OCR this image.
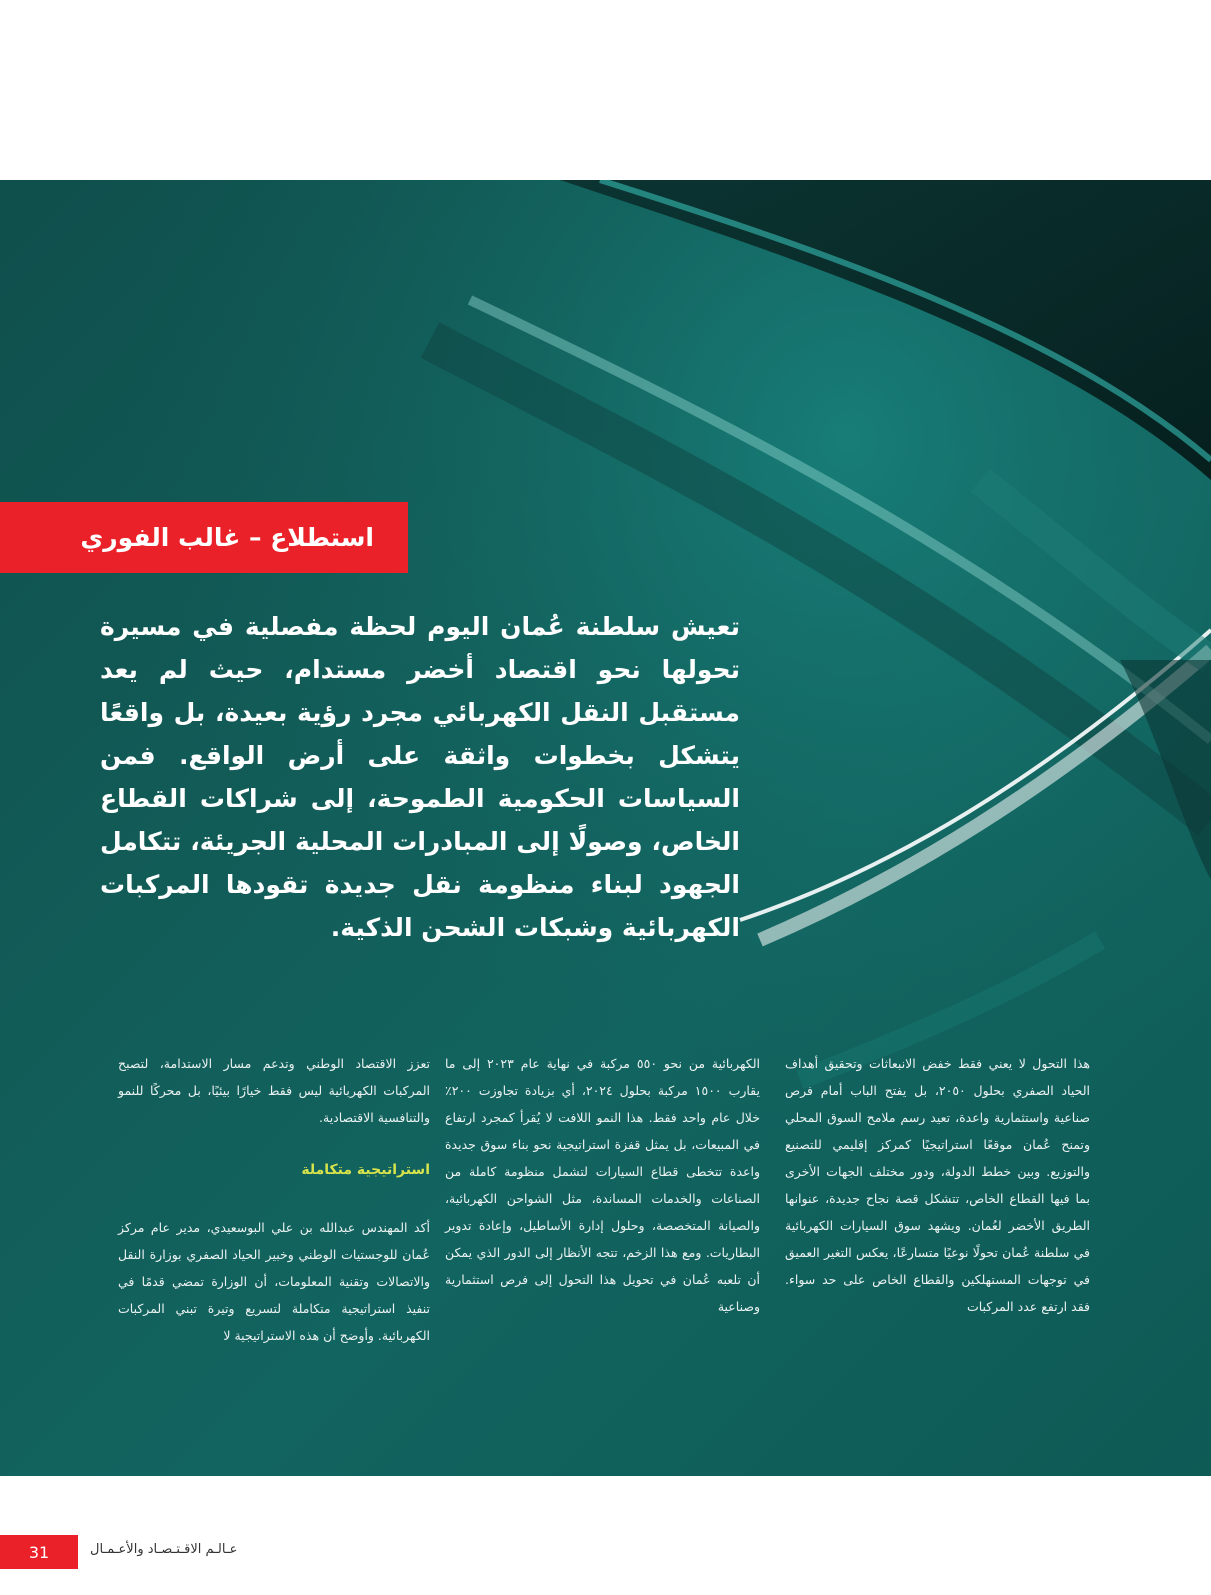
استطلاع – غالب الفوري

تعيش سلطنة عُمان اليوم لحظة مفصلية في مسيرة تحولها نحو اقتصاد أخضر مستدام، حيث لم يعد مستقبل النقل الكهربائي مجرد رؤية بعيدة، بل واقعًا يتشكل بخطوات واثقة على أرض الواقع. فمن السياسات الحكومية الطموحة، إلى شراكات القطاع الخاص، وصولًا إلى المبادرات المحلية الجريئة، تتكامل الجهود لبناء منظومة نقل جديدة تقودها المركبات الكهربائية وشبكات الشحن الذكية.

هذا التحول لا يعني فقط خفض الانبعاثات وتحقيق أهداف الحياد الصفري بحلول ٢٠٥٠، بل يفتح الباب أمام فرص صناعية واستثمارية واعدة، تعيد رسم ملامح السوق المحلي وتمنح عُمان موقعًا استراتيجيًا كمركز إقليمي للتصنيع والتوزيع. وبين خطط الدولة، ودور مختلف الجهات الأخرى بما فيها القطاع الخاص، تتشكل قصة نجاح جديدة، عنوانها الطريق الأخضر لعُمان. ويشهد سوق السيارات الكهربائية في سلطنة عُمان تحولًا نوعيًا متسارعًا، يعكس التغير العميق في توجهات المستهلكين والقطاع الخاص على حد سواء. فقد ارتفع عدد المركبات

الكهربائية من نحو ٥٥٠ مركبة في نهاية عام ٢٠٢٣ إلى ما يقارب ١٥٠٠ مركبة بحلول ٢٠٢٤، أي بزيادة تجاوزت ٢٠٠٪ خلال عام واحد فقط. هذا النمو اللافت لا يُقرأ كمجرد ارتفاع في المبيعات، بل يمثل قفزة استراتيجية نحو بناء سوق جديدة واعدة تتخطى قطاع السيارات لتشمل منظومة كاملة من الصناعات والخدمات المساندة، مثل الشواحن الكهربائية، والصيانة المتخصصة، وحلول إدارة الأساطيل، وإعادة تدوير البطاريات. ومع هذا الزخم، تتجه الأنظار إلى الدور الذي يمكن أن تلعبه عُمان في تحويل هذا التحول إلى فرص استثمارية وصناعية

تعزز الاقتصاد الوطني وتدعم مسار الاستدامة، لتصبح المركبات الكهربائية ليس فقط خيارًا بيئيًا، بل محركًا للنمو والتنافسية الاقتصادية.

استراتيجية متكاملة

أكد المهندس عبدالله بن علي البوسعيدي، مدير عام مركز عُمان للوجستيات الوطني وخبير الحياد الصفري بوزارة النقل والاتصالات وتقنية المعلومات، أن الوزارة تمضي قدمًا في تنفيذ استراتيجية متكاملة لتسريع وتيرة تبني المركبات الكهربائية. وأوضح أن هذه الاستراتيجية لا

31	عـالـم الاقـتـصـاد والأعـمـال
